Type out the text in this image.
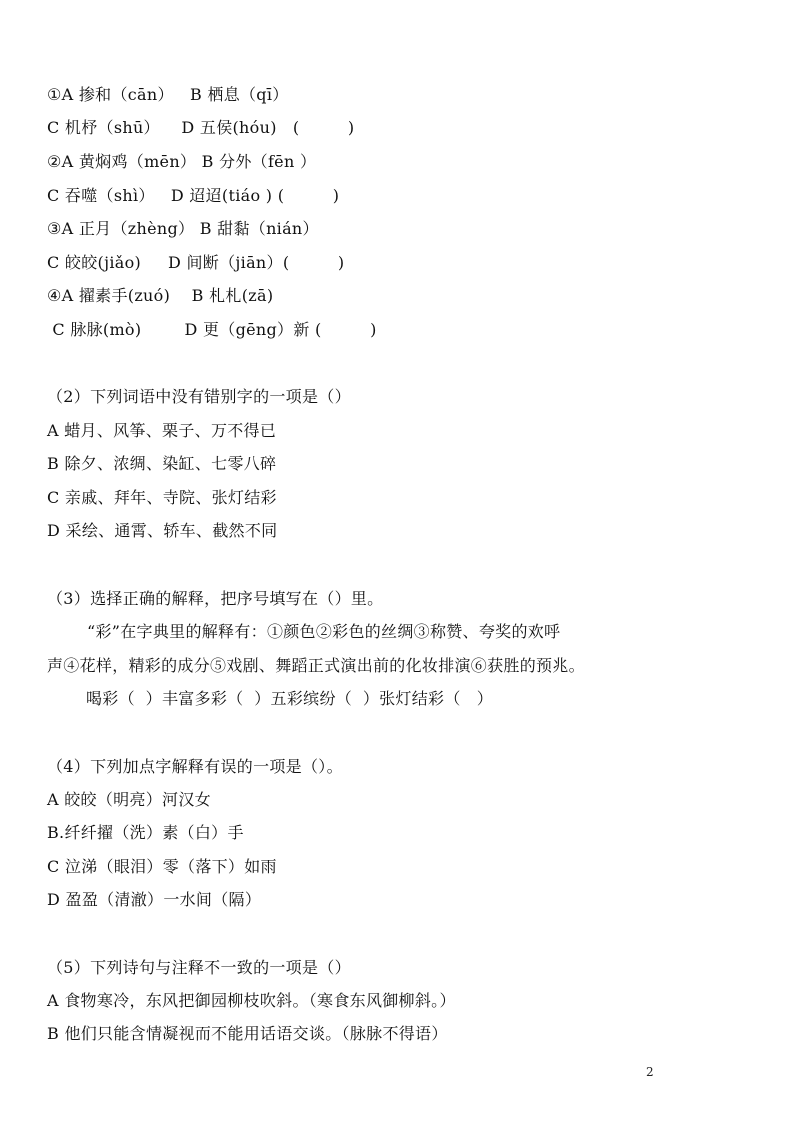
①A 掺和（cān）   B 栖息（qī）
C 机杼（shū）    D 五侯(hóu)   (         )
②A 黄焖鸡（mēn） B 分外（fēn ）
C 吞噬（shì）   D 迢迢(tiáo ) (         )
③A 正月（zhèng） B 甜黏（nián）
C 皎皎(jiǎo)     D 间断（jiān）(         )
④A 擢素手(zuó)    B 札札(zā)
C 脉脉(mò)        D 更（gēng）新 (         )
（2）下列词语中没有错别字的一项是（）
A 蜡月、风筝、栗子、万不得已
B 除夕、浓绸、染缸、七零八碎
C 亲戚、拜年、寺院、张灯结彩
D 采绘、通霄、轿车、截然不同
（3）选择正确的解释，把序号填写在（）里。
“彩”在字典里的解释有：①颜色②彩色的丝绸③称赞、夸奖的欢呼
声④花样，精彩的成分⑤戏剧、舞蹈正式演出前的化妆排演⑥获胜的预兆。
喝彩（  ）丰富多彩（  ）五彩缤纷（  ）张灯结彩（   ）
（4）下列加点字解释有误的一项是（）。
A 皎皎（明亮）河汉女
B.纤纤擢（洗）素（白）手
C 泣涕（眼泪）零（落下）如雨
D 盈盈（清澈）一水间（隔）
（5）下列诗句与注释不一致的一项是（）
A 食物寒冷，东风把御园柳枝吹斜。（寒食东风御柳斜。）
B 他们只能含情凝视而不能用话语交谈。（脉脉不得语）
2
